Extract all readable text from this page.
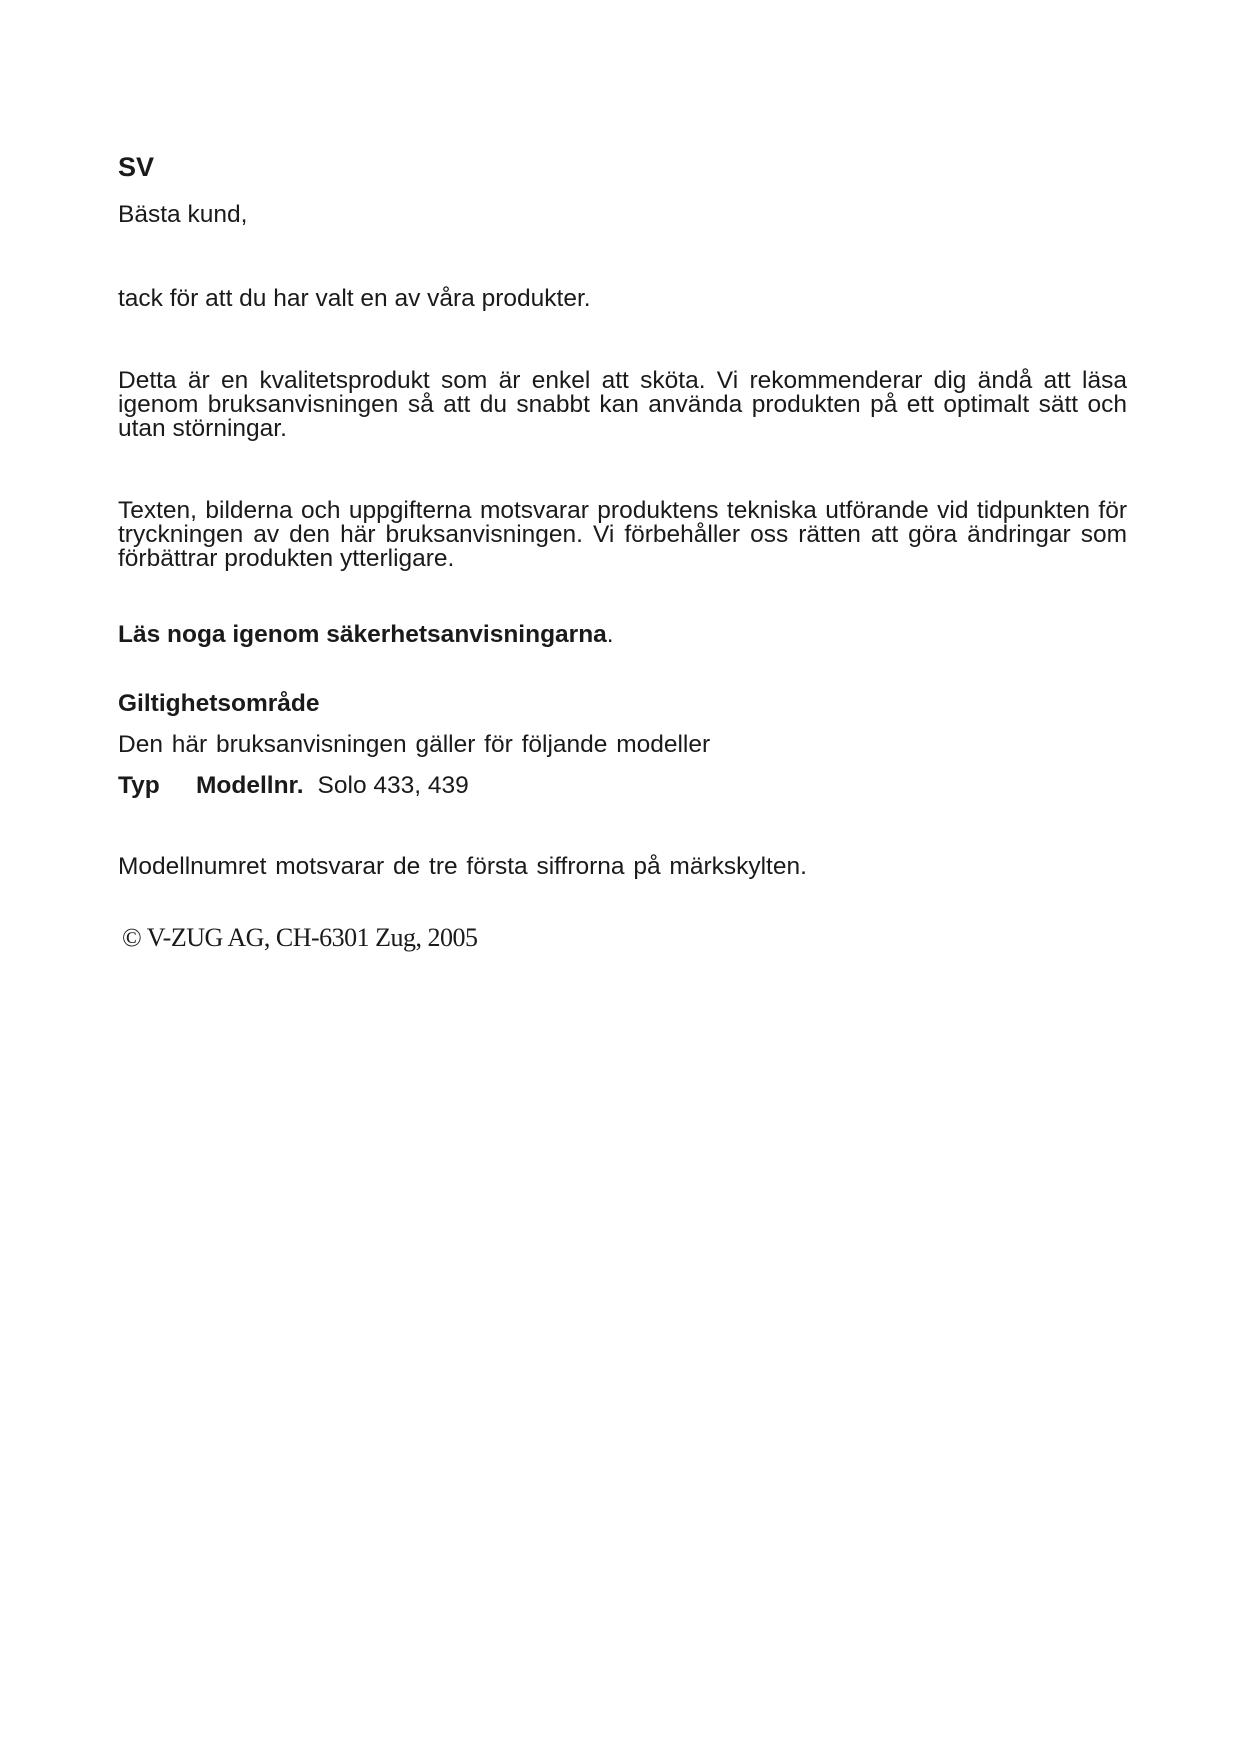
SV
Bästa kund,
tack för att du har valt en av våra produkter.
Detta är en kvalitetsprodukt som är enkel att sköta. Vi rekommenderar dig ändå att läsa igenom bruksanvisningen så att du snabbt kan använda produkten på ett optimalt sätt och utan störningar.
Texten, bilderna och uppgifterna motsvarar produktens tekniska utförande vid tidpunkten för tryckningen av den här bruksanvisningen. Vi förbehåller oss rätten att göra ändringar som förbättrar produkten ytterligare.
Läs noga igenom säkerhetsanvisningarna.
Giltighetsområde
Den här bruksanvisningen gäller för följande modeller
Typ	Modellnr. Solo 433, 439
Modellnumret motsvarar de tre första siffrorna på märkskylten.
© V-ZUG AG, CH-6301 Zug, 2005
